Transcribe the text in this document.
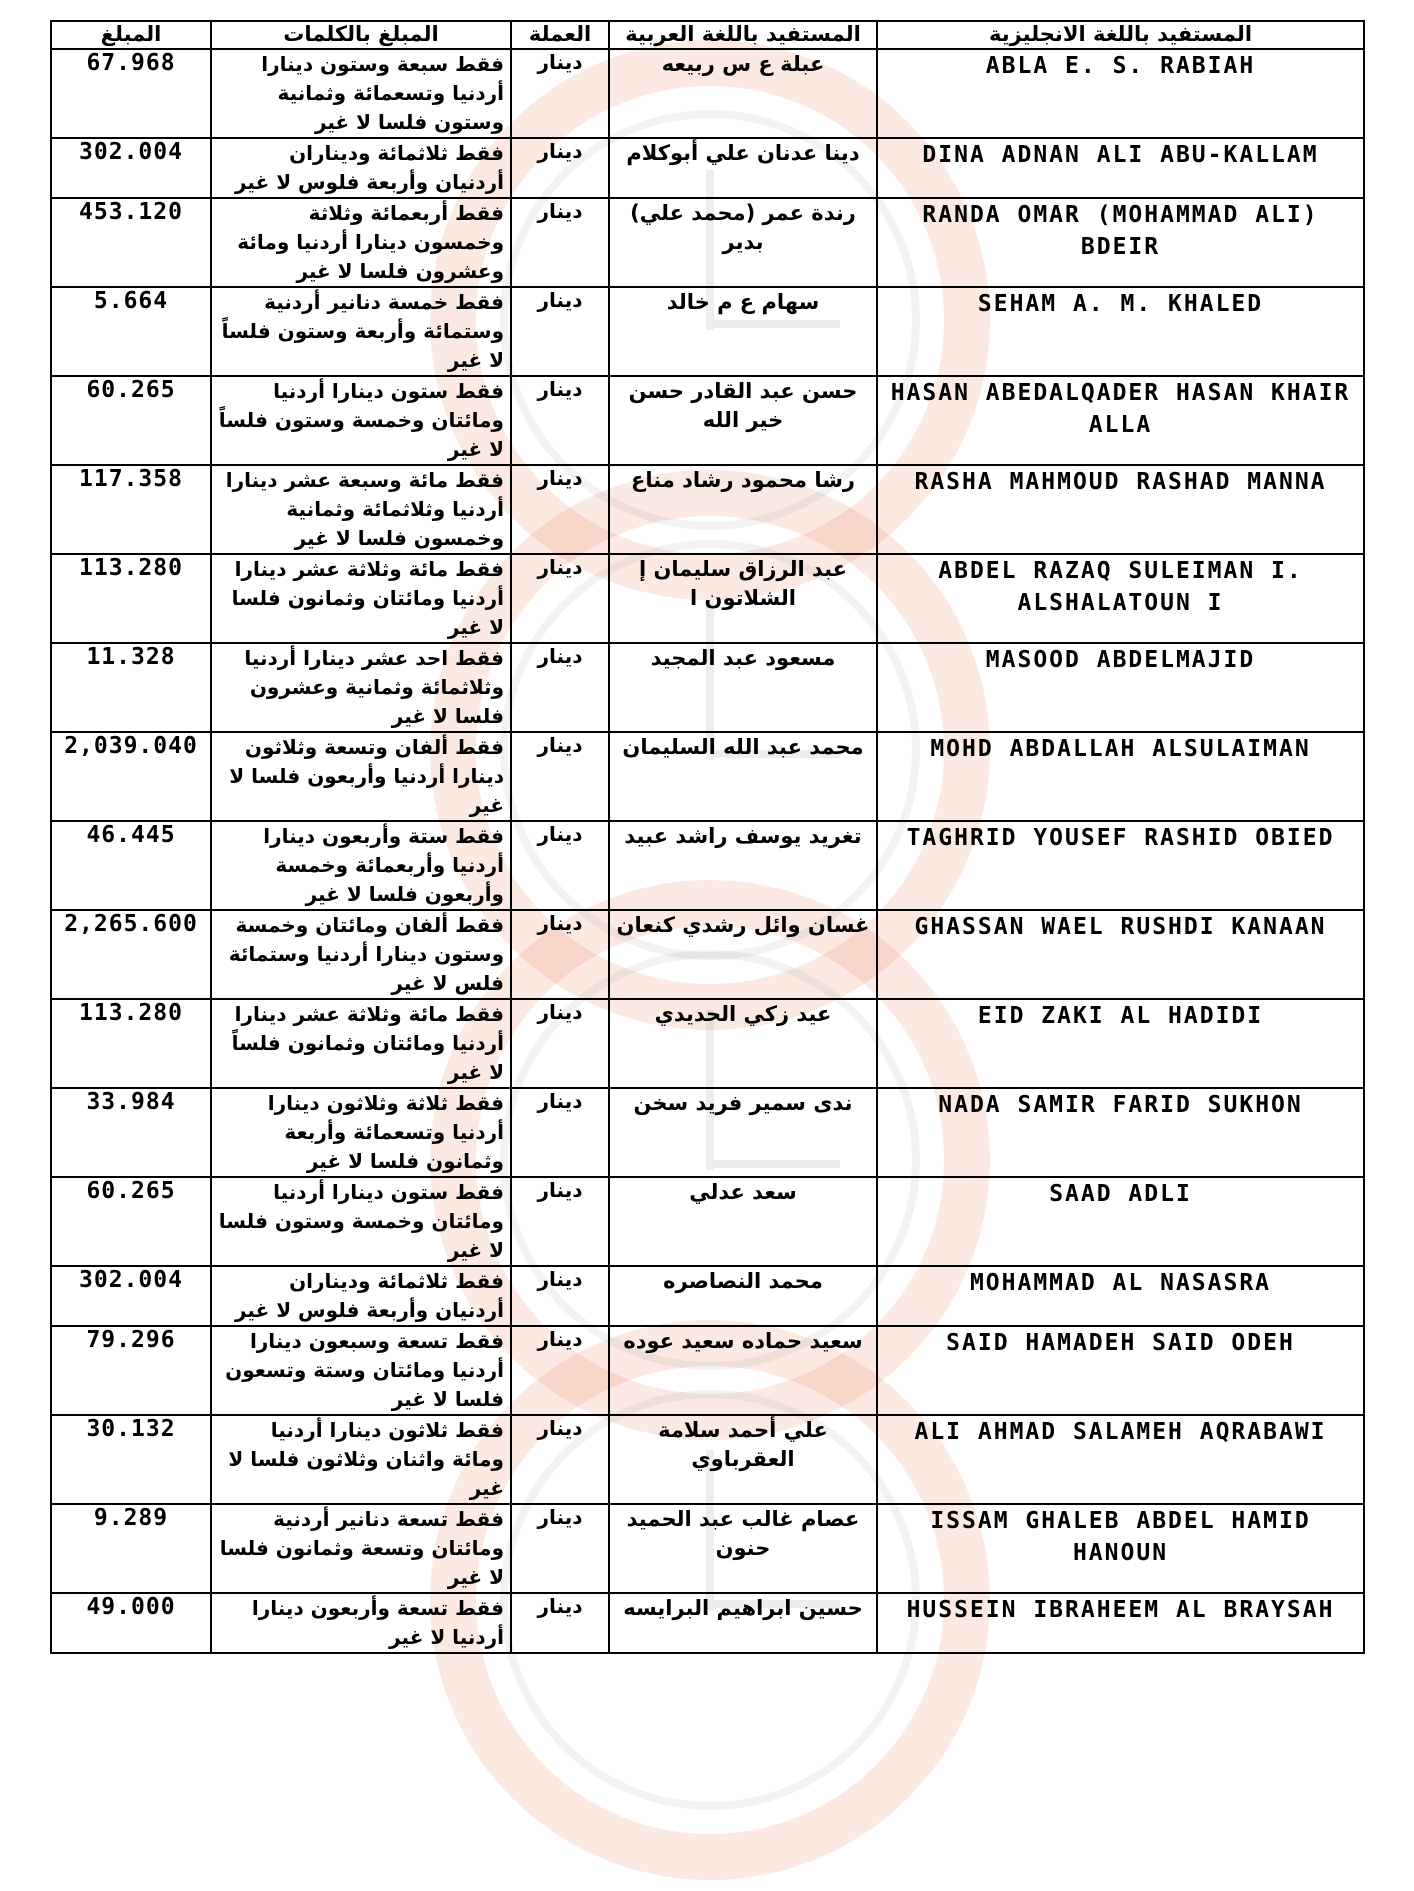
المبلغ	المبلغ بالكلمات	العملة	المستفيد باللغة العربية	المستفيد باللغة الانجليزية
67.968	فقط سبعة وستون دينارا أردنيا وتسعمائة وثمانية وستون فلسا لا غير	دينار	عبلة ع س ربيعه	ABLA E. S. RABIAH
302.004	فقط ثلاثمائة وديناران أردنيان وأربعة فلوس لا غير	دينار	دينا عدنان علي أبوكلام	DINA ADNAN ALI ABU-KALLAM
453.120	فقط أربعمائة وثلاثة وخمسون دينارا أردنيا ومائة وعشرون فلسا لا غير	دينار	رندة عمر (محمد علي) بدير	RANDA OMAR (MOHAMMAD ALI) BDEIR
5.664	فقط خمسة دنانير أردنية وستمائة وأربعة وستون فلساً لا غير	دينار	سهام ع م خالد	SEHAM A. M. KHALED
60.265	فقط ستون دينارا أردنيا ومائتان وخمسة وستون فلساً لا غير	دينار	حسن عبد القادر حسن خير الله	HASAN ABEDALQADER HASAN KHAIR ALLA
117.358	فقط مائة وسبعة عشر دينارا أردنيا وثلاثمائة وثمانية وخمسون فلسا لا غير	دينار	رشا محمود رشاد مناع	RASHA MAHMOUD RASHAD MANNA
113.280	فقط مائة وثلاثة عشر دينارا أردنيا ومائتان وثمانون فلسا لا غير	دينار	عبد الرزاق سليمان إ الشلاتون ا	ABDEL RAZAQ SULEIMAN I. ALSHALATOUN I
11.328	فقط احد عشر دينارا أردنيا وثلاثمائة وثمانية وعشرون فلسا لا غير	دينار	مسعود عبد المجيد	MASOOD ABDELMAJID
2,039.040	فقط ألفان وتسعة وثلاثون دينارا أردنيا وأربعون فلسا لا غير	دينار	محمد عبد الله السليمان	MOHD ABDALLAH ALSULAIMAN
46.445	فقط ستة وأربعون دينارا أردنيا وأربعمائة وخمسة وأربعون فلسا لا غير	دينار	تغريد يوسف راشد عبيد	TAGHRID YOUSEF RASHID OBIED
2,265.600	فقط ألفان ومائتان وخمسة وستون دينارا أردنيا وستمائة فلس لا غير	دينار	غسان وائل رشدي كنعان	GHASSAN WAEL RUSHDI KANAAN
113.280	فقط مائة وثلاثة عشر دينارا أردنيا ومائتان وثمانون فلساً لا غير	دينار	عيد زكي الحديدي	EID ZAKI AL HADIDI
33.984	فقط ثلاثة وثلاثون دينارا أردنيا وتسعمائة وأربعة وثمانون فلسا لا غير	دينار	ندى سمير فريد سخن	NADA SAMIR FARID SUKHON
60.265	فقط ستون دينارا أردنيا ومائتان وخمسة وستون فلسا لا غير	دينار	سعد عدلي	SAAD ADLI
302.004	فقط ثلاثمائة وديناران أردنيان وأربعة فلوس لا غير	دينار	محمد النصاصره	MOHAMMAD AL NASASRA
79.296	فقط تسعة وسبعون دينارا أردنيا ومائتان وستة وتسعون فلسا لا غير	دينار	سعيد حماده سعيد عوده	SAID HAMADEH SAID ODEH
30.132	فقط ثلاثون دينارا أردنيا ومائة واثنان وثلاثون فلسا لا غير	دينار	علي أحمد سلامة العقرباوي	ALI AHMAD SALAMEH AQRABAWI
9.289	فقط تسعة دنانير أردنية ومائتان وتسعة وثمانون فلسا لا غير	دينار	عصام غالب عبد الحميد حنون	ISSAM GHALEB ABDEL HAMID HANOUN
49.000	فقط تسعة وأربعون دينارا أردنيا لا غير	دينار	حسين ابراهيم البرايسه	HUSSEIN IBRAHEEM AL BRAYSAH
